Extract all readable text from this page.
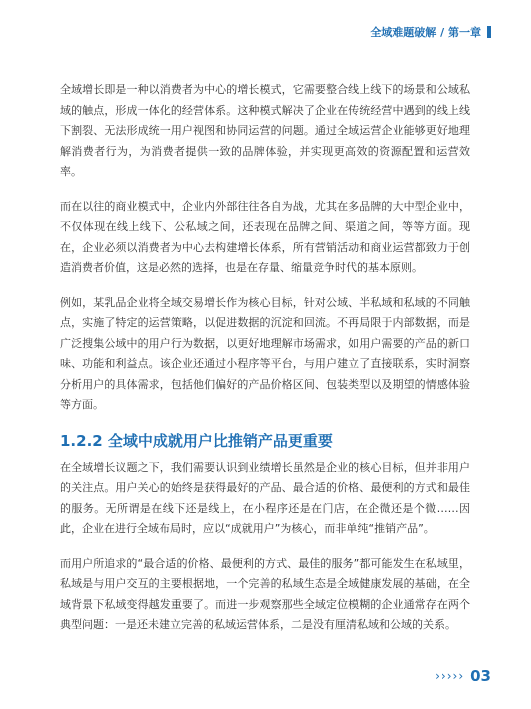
全域难题破解 / 第一章

全域增长即是一种以消费者为中心的增长模式，它需要整合线上线下的场景和公域私域的触点，形成一体化的经营体系。这种模式解决了企业在传统经营中遇到的线上线下割裂、无法形成统一用户视图和协同运营的问题。通过全域运营企业能够更好地理解消费者行为，为消费者提供一致的品牌体验，并实现更高效的资源配置和运营效率。

而在以往的商业模式中，企业内外部往往各自为战，尤其在多品牌的大中型企业中，不仅体现在线上线下、公私域之间，还表现在品牌之间、渠道之间，等等方面。现在，企业必须以消费者为中心去构建增长体系，所有营销活动和商业运营都致力于创造消费者价值，这是必然的选择，也是在存量、缩量竞争时代的基本原则。

例如，某乳品企业将全域交易增长作为核心目标，针对公域、半私域和私域的不同触点，实施了特定的运营策略，以促进数据的沉淀和回流。不再局限于内部数据，而是广泛搜集公域中的用户行为数据，以更好地理解市场需求，如用户需要的产品的新口味、功能和利益点。该企业还通过小程序等平台，与用户建立了直接联系，实时洞察分析用户的具体需求，包括他们偏好的产品价格区间、包装类型以及期望的情感体验等方面。

1.2.2 全域中成就用户比推销产品更重要

在全域增长议题之下，我们需要认识到业绩增长虽然是企业的核心目标，但并非用户的关注点。用户关心的始终是获得最好的产品、最合适的价格、最便利的方式和最佳的服务。无所谓是在线下还是线上，在小程序还是在门店，在企微还是个微……因此，企业在进行全域布局时，应以“成就用户”为核心，而非单纯“推销产品”。

而用户所追求的“最合适的价格、最便利的方式、最佳的服务”都可能发生在私域里，私域是与用户交互的主要根据地，一个完善的私域生态是全域健康发展的基础，在全域背景下私域变得越发重要了。而进一步观察那些全域定位模糊的企业通常存在两个典型问题：一是还未建立完善的私域运营体系，二是没有厘清私域和公域的关系。

››››› 03
